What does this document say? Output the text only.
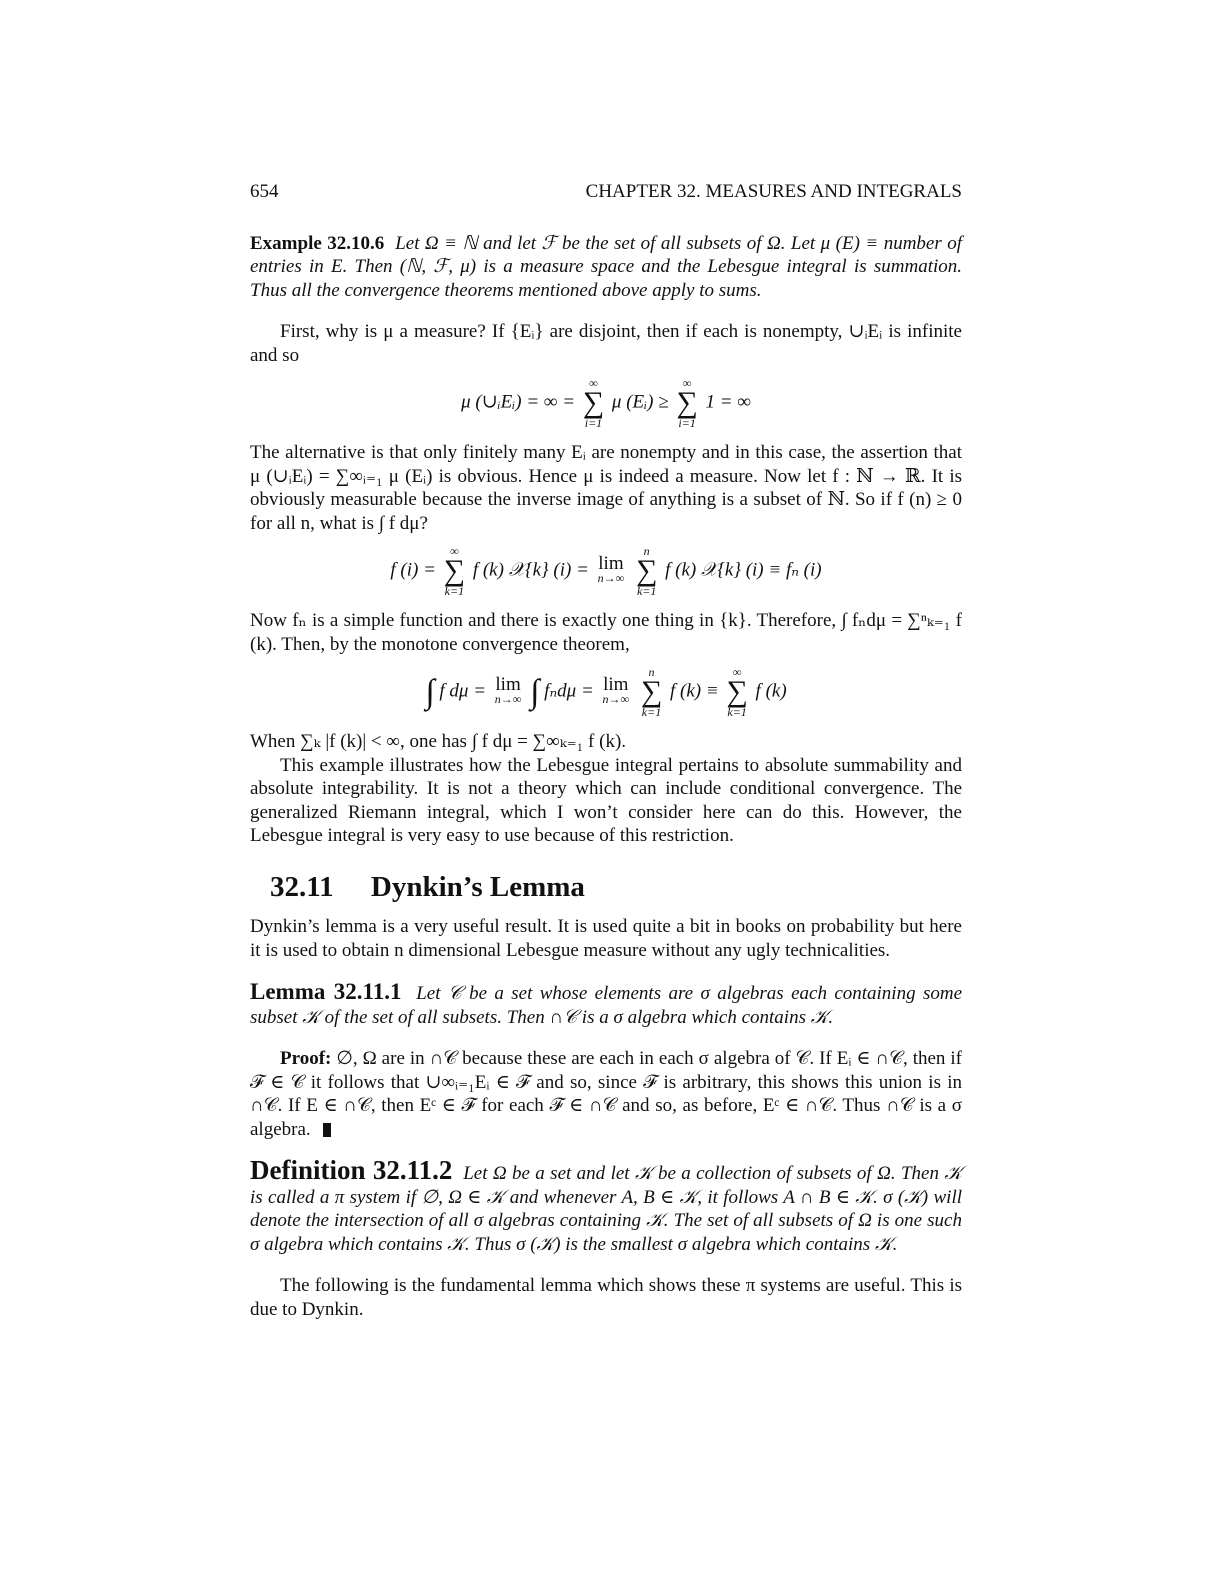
654	CHAPTER 32. MEASURES AND INTEGRALS

Example 32.10.6 Let Ω ≡ ℕ and let ℱ be the set of all subsets of Ω. Let μ (E) ≡ number of entries in E. Then (ℕ, ℱ, μ) is a measure space and the Lebesgue integral is summation. Thus all the convergence theorems mentioned above apply to sums.

First, why is μ a measure? If {Eᵢ} are disjoint, then if each is nonempty, ∪ᵢEᵢ is infinite and so

μ (∪ᵢEᵢ) = ∞ =
∞
∑
i=1
μ (Eᵢ) ≥
∞
∑
i=1
1 = ∞

The alternative is that only finitely many Eᵢ are nonempty and in this case, the assertion that μ (∪ᵢEᵢ) = ∑∞ᵢ₌₁ μ (Eᵢ) is obvious. Hence μ is indeed a measure. Now let f : ℕ → ℝ. It is obviously measurable because the inverse image of anything is a subset of ℕ. So if f (n) ≥ 0 for all n, what is ∫ f dμ?

f (i) =
∞
∑
k=1
f (k) 𝒳{k} (i) = lim
n→∞

n
∑
k=1
f (k) 𝒳{k} (i) ≡ fₙ (i)

Now fₙ is a simple function and there is exactly one thing in {k}. Therefore, ∫ fₙdμ = ∑ⁿₖ₌₁ f (k). Then, by the monotone convergence theorem,

∫ f dμ = lim
n→∞ ∫ fₙdμ = lim
n→∞

n
∑
k=1
f (k) ≡
∞
∑
k=1
f (k)

When ∑ₖ |f (k)| < ∞, one has ∫ f dμ = ∑∞ₖ₌₁ f (k).

This example illustrates how the Lebesgue integral pertains to absolute summability and absolute integrability. It is not a theory which can include conditional convergence. The generalized Riemann integral, which I won’t consider here can do this. However, the Lebesgue integral is very easy to use because of this restriction.

32.11 Dynkin’s Lemma

Dynkin’s lemma is a very useful result. It is used quite a bit in books on probability but here it is used to obtain n dimensional Lebesgue measure without any ugly technicalities.

Lemma 32.11.1 Let 𝒞 be a set whose elements are σ algebras each containing some subset 𝒦 of the set of all subsets. Then ∩𝒞 is a σ algebra which contains 𝒦.

Proof: ∅, Ω are in ∩𝒞 because these are each in each σ algebra of 𝒞. If Eᵢ ∈ ∩𝒞, then if ℱ ∈ 𝒞 it follows that ∪∞ᵢ₌₁Eᵢ ∈ ℱ and so, since ℱ is arbitrary, this shows this union is in ∩𝒞. If E ∈ ∩𝒞, then Eᶜ ∈ ℱ for each ℱ ∈ ∩𝒞 and so, as before, Eᶜ ∈ ∩𝒞. Thus ∩𝒞 is a σ algebra.

Definition 32.11.2 Let Ω be a set and let 𝒦 be a collection of subsets of Ω. Then 𝒦 is called a π system if ∅, Ω ∈ 𝒦 and whenever A, B ∈ 𝒦, it follows A ∩ B ∈ 𝒦. σ (𝒦) will denote the intersection of all σ algebras containing 𝒦. The set of all subsets of Ω is one such σ algebra which contains 𝒦. Thus σ (𝒦) is the smallest σ algebra which contains 𝒦.

The following is the fundamental lemma which shows these π systems are useful. This is due to Dynkin.
